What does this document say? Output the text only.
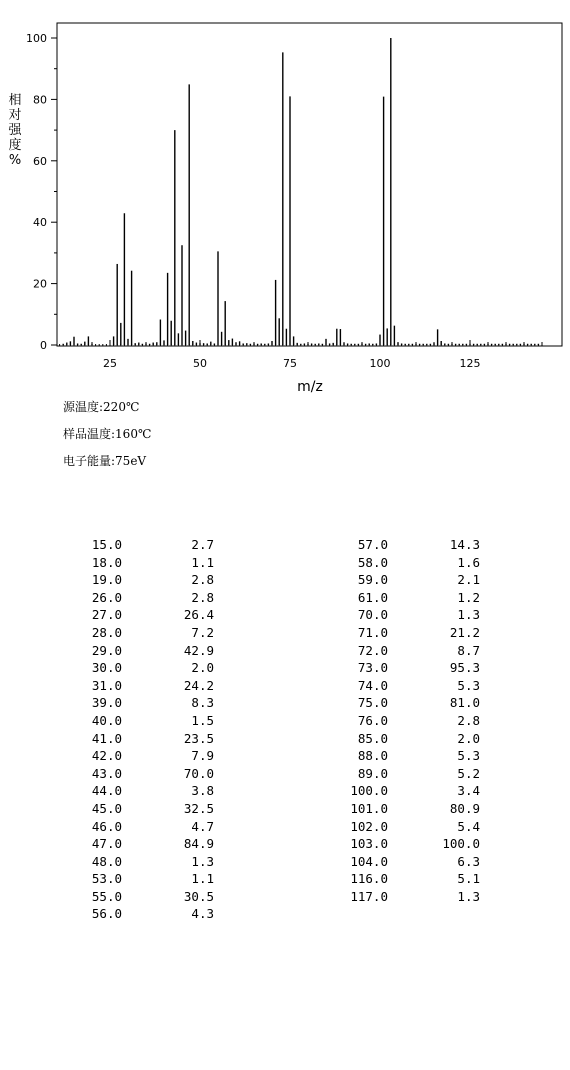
0
20
40
60
80
100
25	50	75	100	125
m/z
相
对
强
度
%
源温度:220℃
样品温度:160℃
电子能量:75eV
15.0	2.7
18.0	1.1
19.0	2.8
26.0	2.8
27.0	26.4
28.0	7.2
29.0	42.9
30.0	2.0
31.0	24.2
39.0	8.3
40.0	1.5
41.0	23.5
42.0	7.9
43.0	70.0
44.0	3.8
45.0	32.5
46.0	4.7
47.0	84.9
48.0	1.3
53.0	1.1
55.0	30.5
56.0	4.3
57.0	14.3
58.0	1.6
59.0	2.1
61.0	1.2
70.0	1.3
71.0	21.2
72.0	8.7
73.0	95.3
74.0	5.3
75.0	81.0
76.0	2.8
85.0	2.0
88.0	5.3
89.0	5.2
100.0	3.4
101.0	80.9
102.0	5.4
103.0	100.0
104.0	6.3
116.0	5.1
117.0	1.3
